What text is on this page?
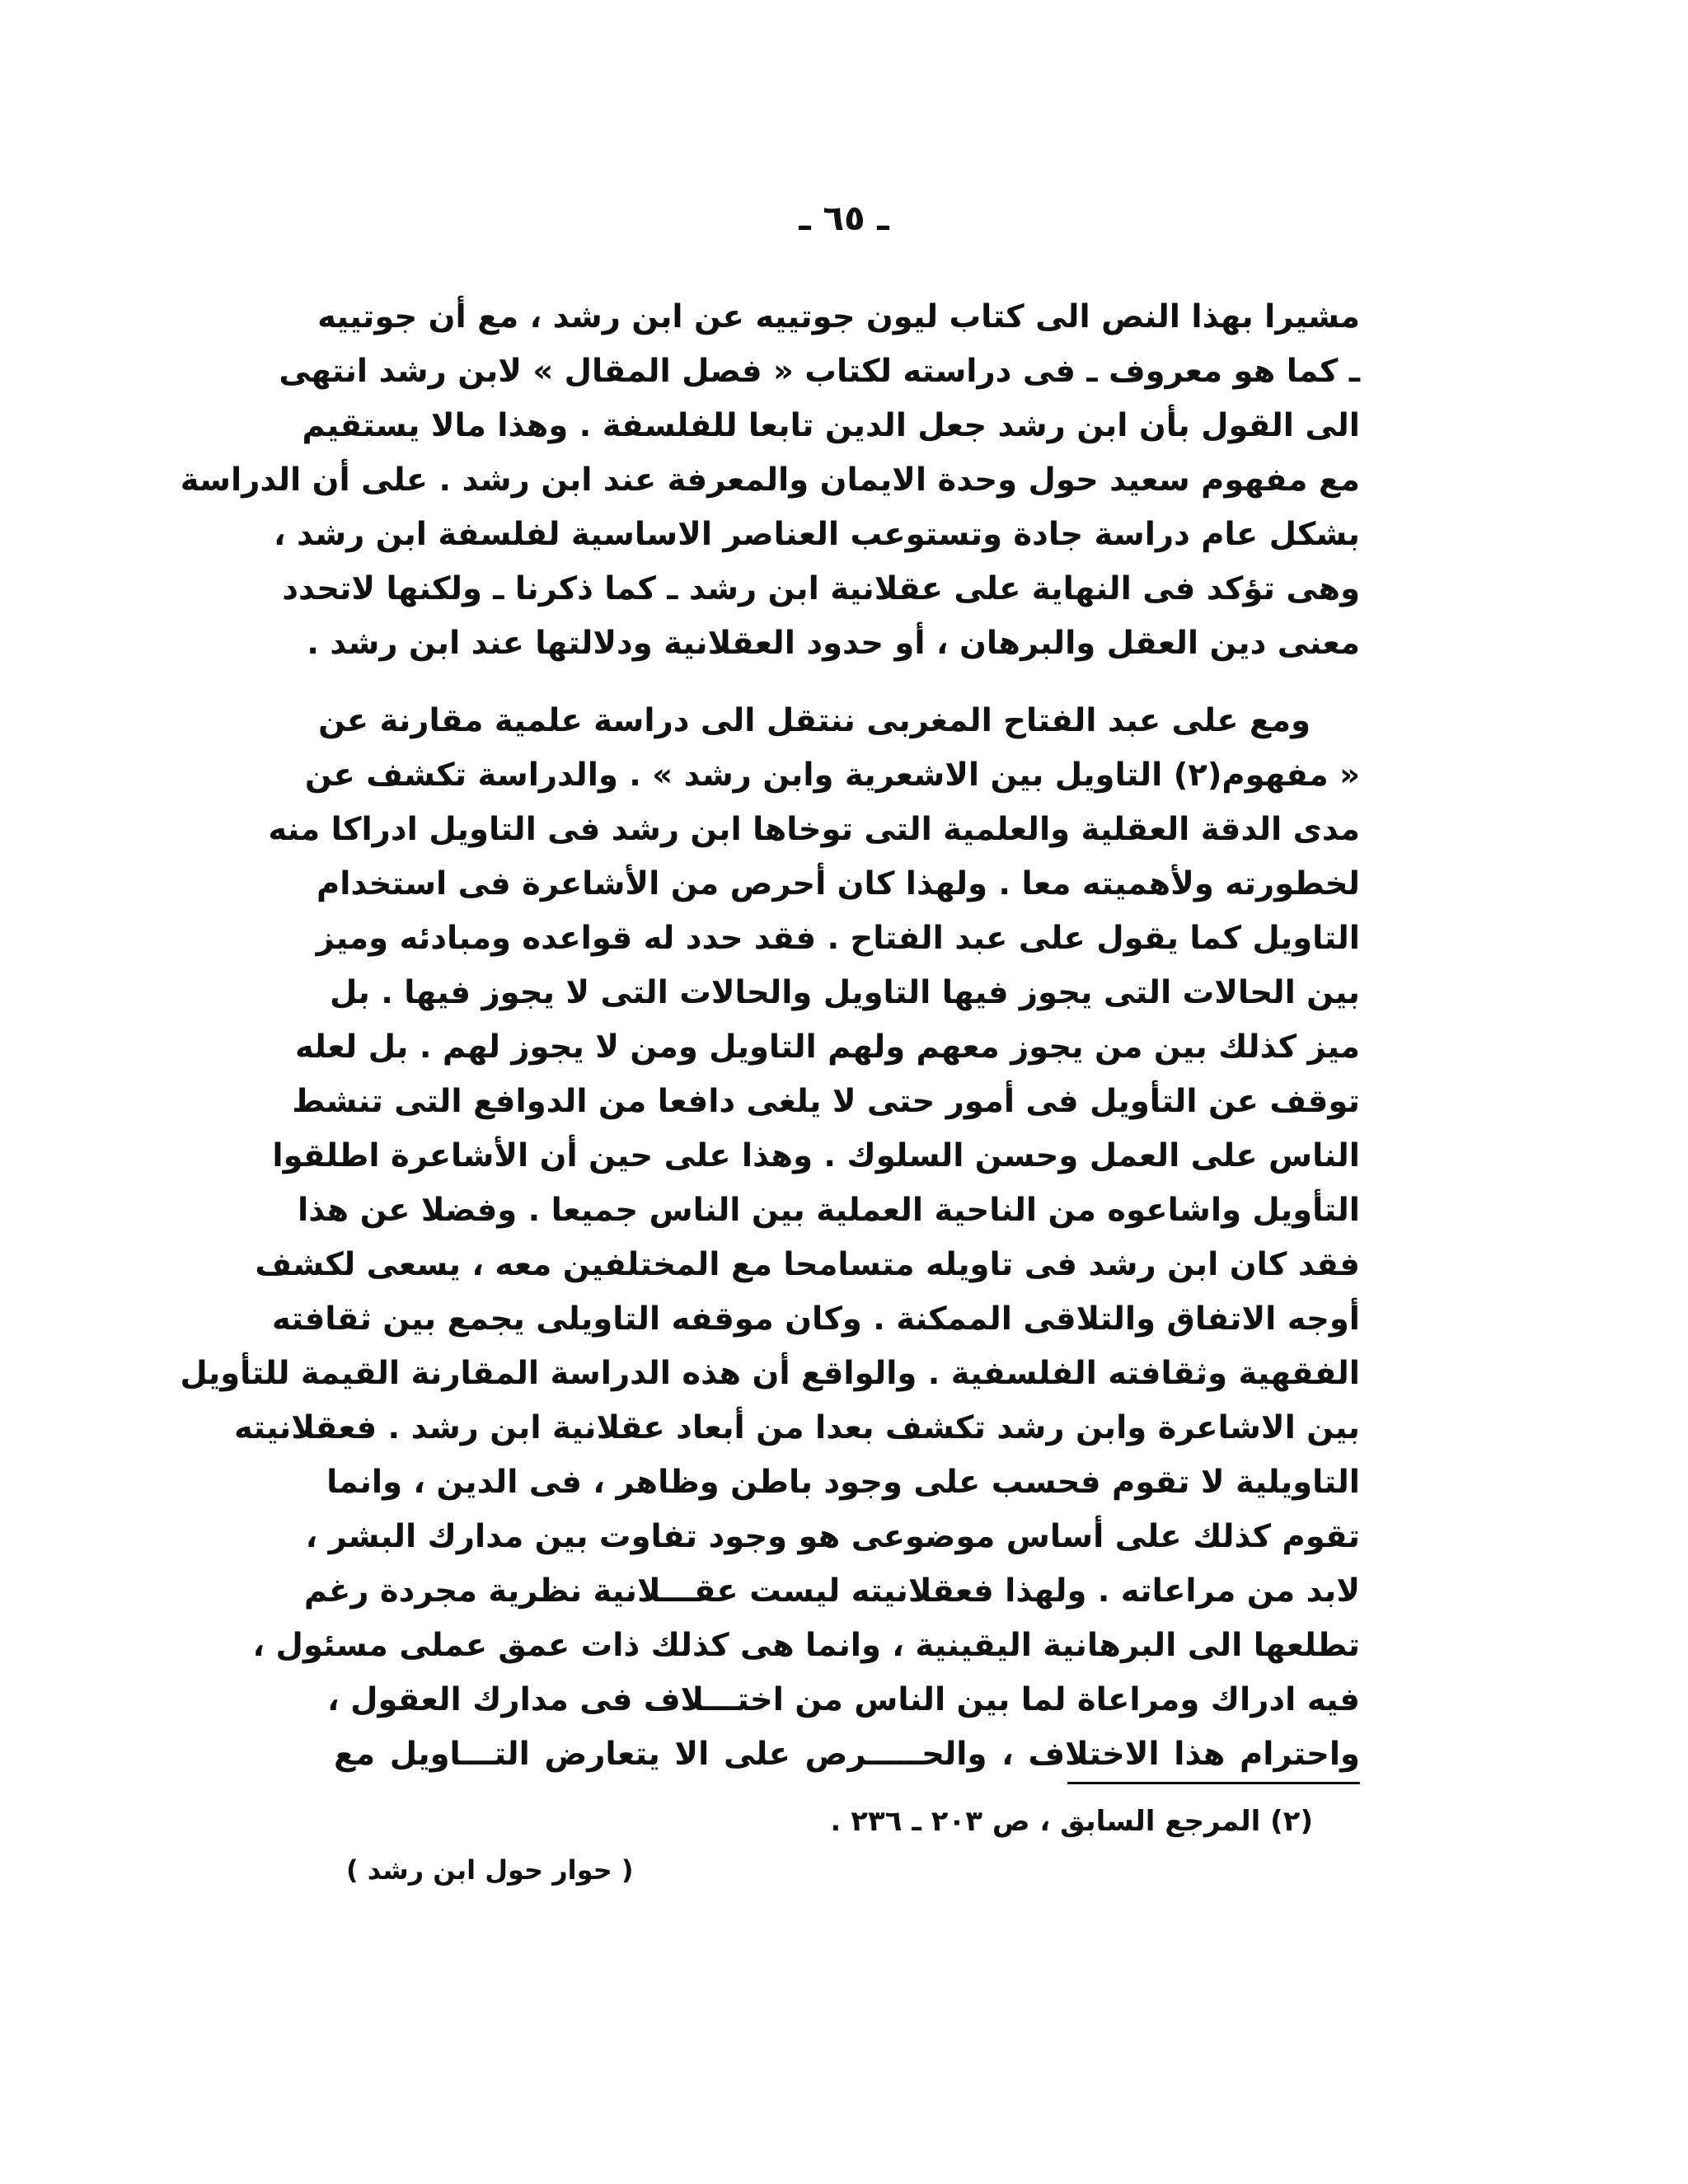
ـ ٦٥ ـ
مشيرا بهذا النص الى كتاب ليون جوتييه عن ابن رشد ، مع أن جوتييه
ـ كما هو معروف ـ فى دراسته لكتاب « فصل المقال » لابن رشد انتهى
الى القول بأن ابن رشد جعل الدين تابعا للفلسفة . وهذا مالا يستقيم
مع مفهوم سعيد حول وحدة الايمان والمعرفة عند ابن رشد . على أن الدراسة
بشكل عام دراسة جادة وتستوعب العناصر الاساسية لفلسفة ابن رشد ،
وهى تؤكد فى النهاية على عقلانية ابن رشد ـ كما ذكرنا ـ ولكنها لاتحدد
معنى دين العقل والبرهان ، أو حدود العقلانية ودلالتها عند ابن رشد .
ومع على عبد الفتاح المغربى ننتقل الى دراسة علمية مقارنة عن
« مفهوم(٢) التاويل بين الاشعرية وابن رشد » . والدراسة تكشف عن
مدى الدقة العقلية والعلمية التى توخاها ابن رشد فى التاويل ادراكا منه
لخطورته ولأهميته معا . ولهذا كان أحرص من الأشاعرة فى استخدام
التاويل كما يقول على عبد الفتاح . فقد حدد له قواعده ومبادئه وميز
بين الحالات التى يجوز فيها التاويل والحالات التى لا يجوز فيها . بل
ميز كذلك بين من يجوز معهم ولهم التاويل ومن لا يجوز لهم . بل لعله
توقف عن التأويل فى أمور حتى لا يلغى دافعا من الدوافع التى تنشط
الناس على العمل وحسن السلوك . وهذا على حين أن الأشاعرة اطلقوا
التأويل واشاعوه من الناحية العملية بين الناس جميعا . وفضلا عن هذا
فقد كان ابن رشد فى تاويله متسامحا مع المختلفين معه ، يسعى لكشف
أوجه الاتفاق والتلاقى الممكنة . وكان موقفه التاويلى يجمع بين ثقافته
الفقهية وثقافته الفلسفية . والواقع أن هذه الدراسة المقارنة القيمة للتأويل
بين الاشاعرة وابن رشد تكشف بعدا من أبعاد عقلانية ابن رشد . فعقلانيته
التاويلية لا تقوم فحسب على وجود باطن وظاهر ، فى الدين ، وانما
تقوم كذلك على أساس موضوعى هو وجود تفاوت بين مدارك البشر ،
لابد من مراعاته . ولهذا فعقلانيته ليست عقـــلانية نظرية مجردة رغم
تطلعها الى البرهانية اليقينية ، وانما هى كذلك ذات عمق عملى مسئول ،
فيه ادراك ومراعاة لما بين الناس من اختـــلاف فى مدارك العقول ،
واحترام هذا الاختلاف ، والحـــــرص على الا يتعارض التـــاويل مع
(٢) المرجع السابق ، ص ٢٠٣ ـ ٢٣٦ .
( حوار حول ابن رشد )
